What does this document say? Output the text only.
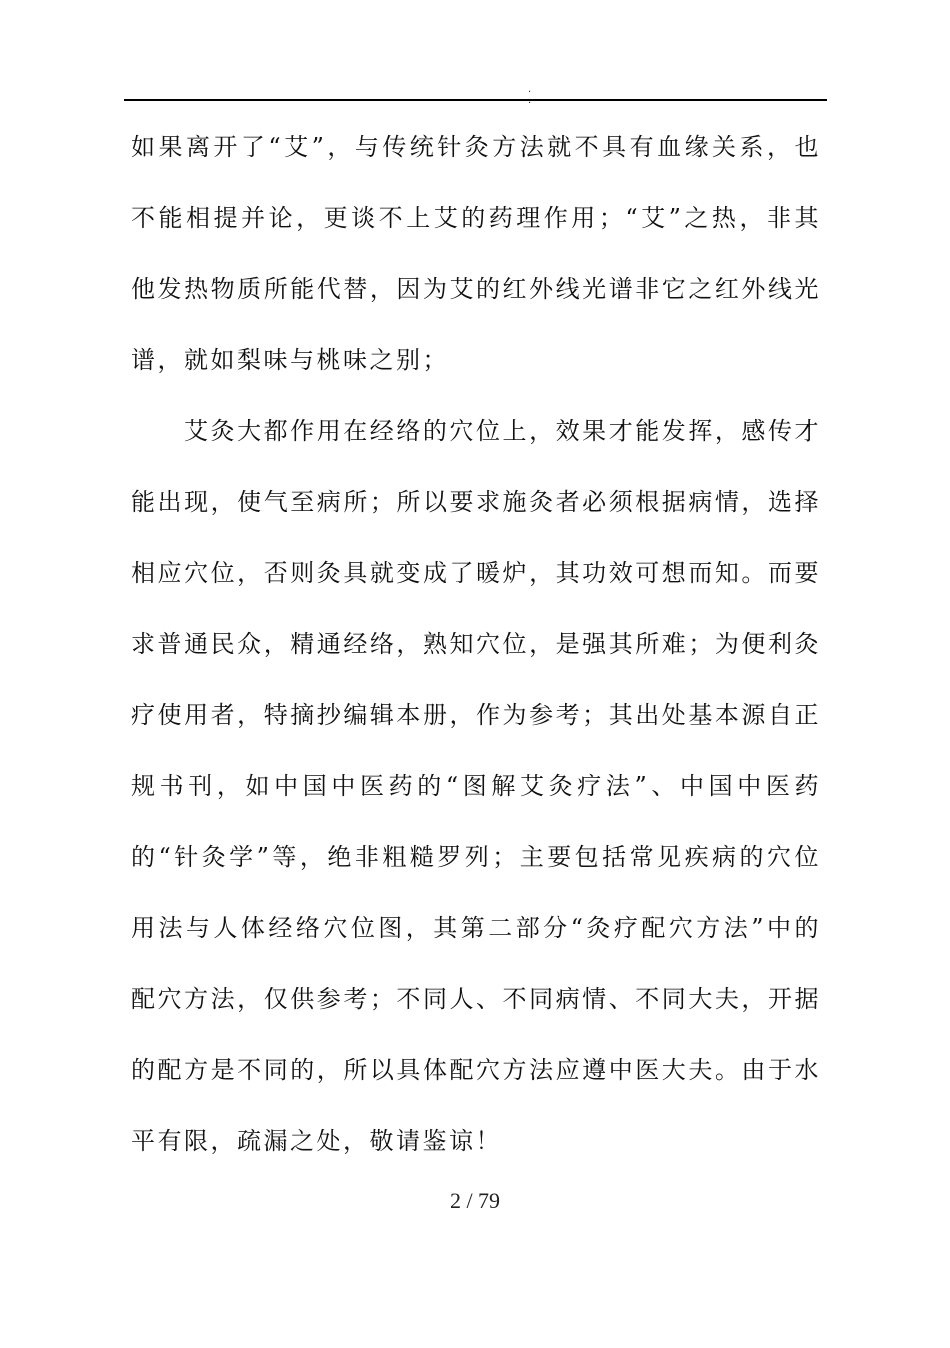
. .

如果离开了“艾”，与传统针灸方法就不具有血缘关系，也不能相提并论，更谈不上艾的药理作用；“艾”之热，非其他发热物质所能代替，因为艾的红外线光谱非它之红外线光谱，就如梨味与桃味之别；

艾灸大都作用在经络的穴位上，效果才能发挥，感传才能出现，使气至病所；所以要求施灸者必须根据病情，选择相应穴位，否则灸具就变成了暖炉，其功效可想而知。而要求普通民众，精通经络，熟知穴位，是强其所难；为便利灸疗使用者，特摘抄编辑本册，作为参考；其出处基本源自正规书刊，如中国中医药的“图解艾灸疗法”、中国中医药的“针灸学”等，绝非粗糙罗列；主要包括常见疾病的穴位用法与人体经络穴位图，其第二部分“灸疗配穴方法”中的配穴方法，仅供参考；不同人、不同病情、不同大夫，开据的配方是不同的，所以具体配穴方法应遵中医大夫。由于水平有限，疏漏之处，敬请鉴谅！

2 / 79
